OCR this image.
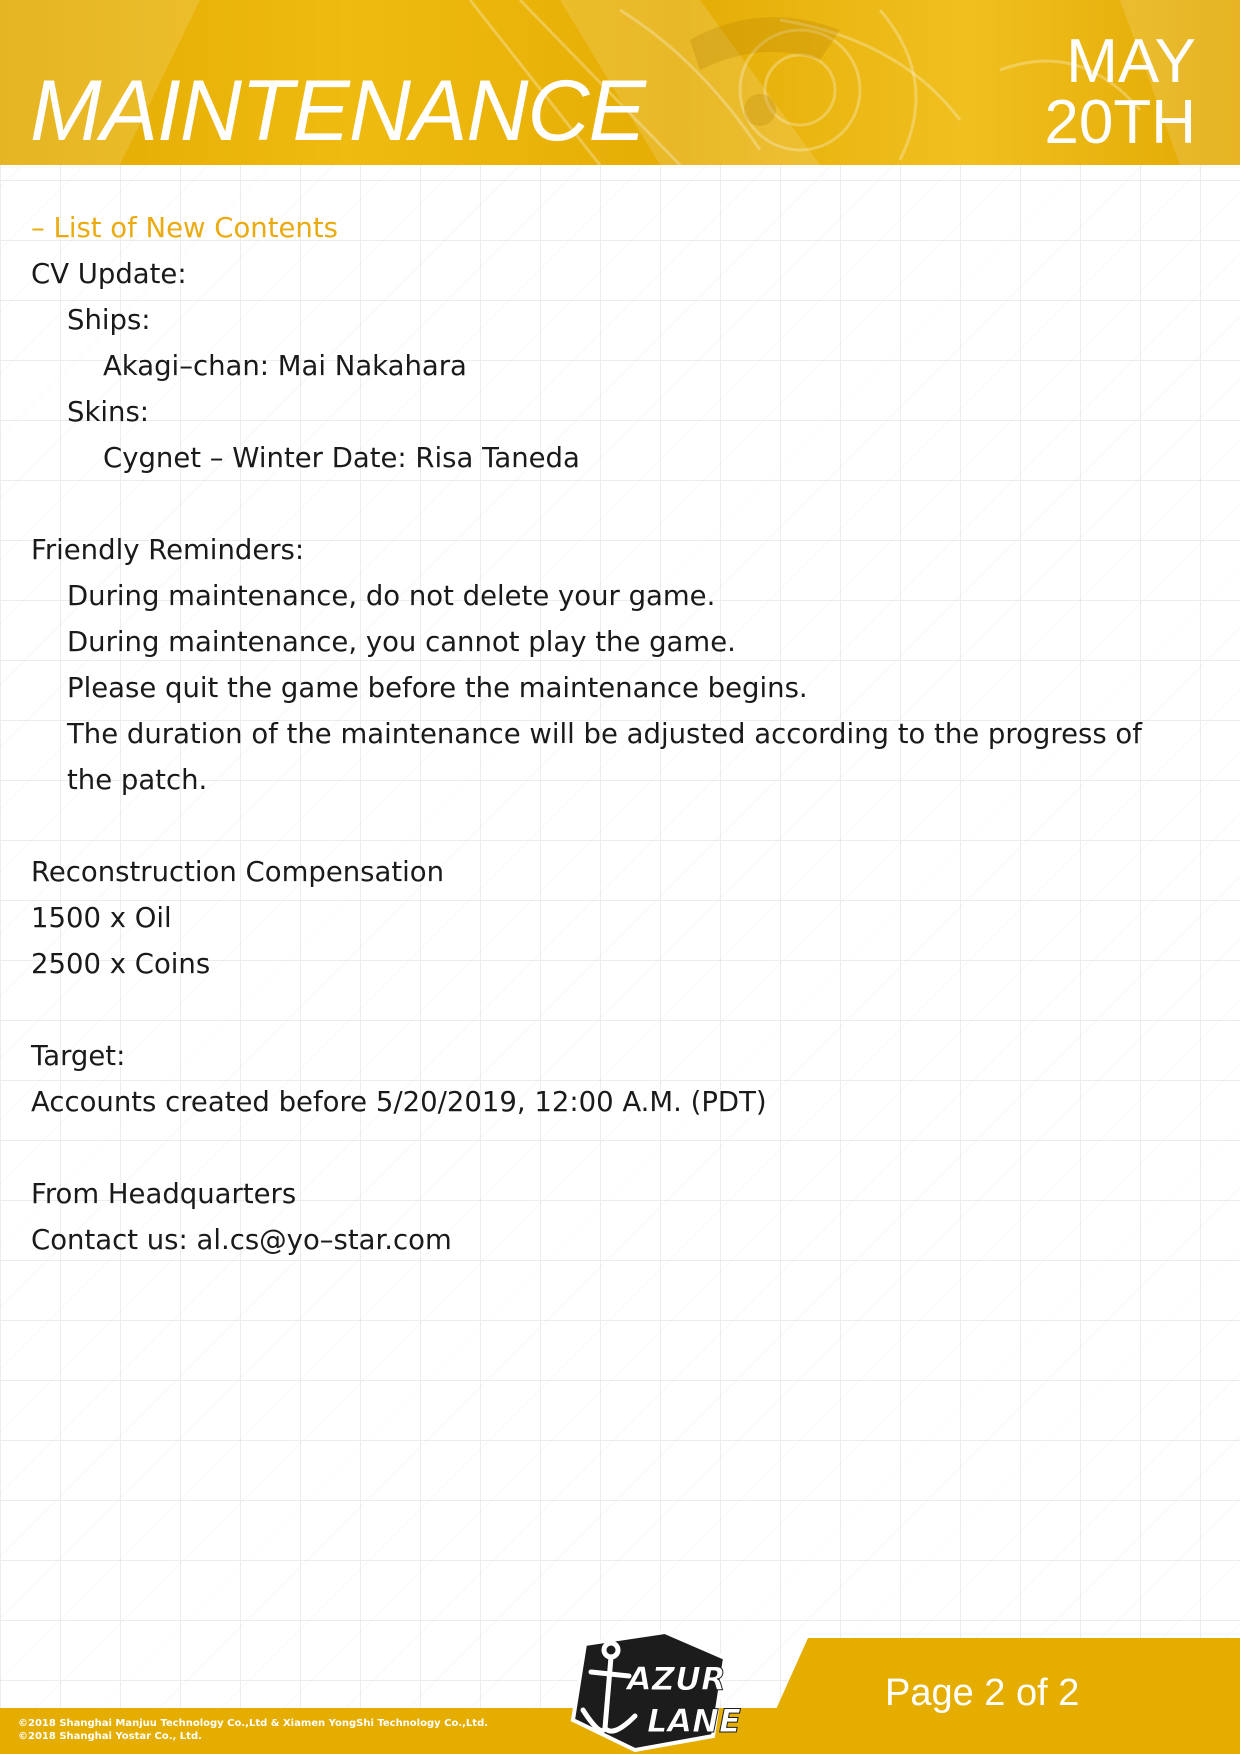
MAINTENANCE
MAY
20TH
– List of New Contents
CV Update:
Ships:
Akagi–chan: Mai Nakahara
Skins:
Cygnet – Winter Date: Risa Taneda
Friendly Reminders:
During maintenance, do not delete your game.
During maintenance, you cannot play the game.
Please quit the game before the maintenance begins.
The duration of the maintenance will be adjusted according to the progress of
the patch.
Reconstruction Compensation
1500 x Oil
2500 x Coins
Target:
Accounts created before 5/20/2019, 12:00 A.M. (PDT)
From Headquarters
Contact us: al.cs@yo–star.com
Page 2 of 2
©2018 Shanghai Manjuu Technology Co.,Ltd & Xiamen YongShi Technology Co.,Ltd.
©2018 Shanghai Yostar Co., Ltd.
AZUR
LANE
